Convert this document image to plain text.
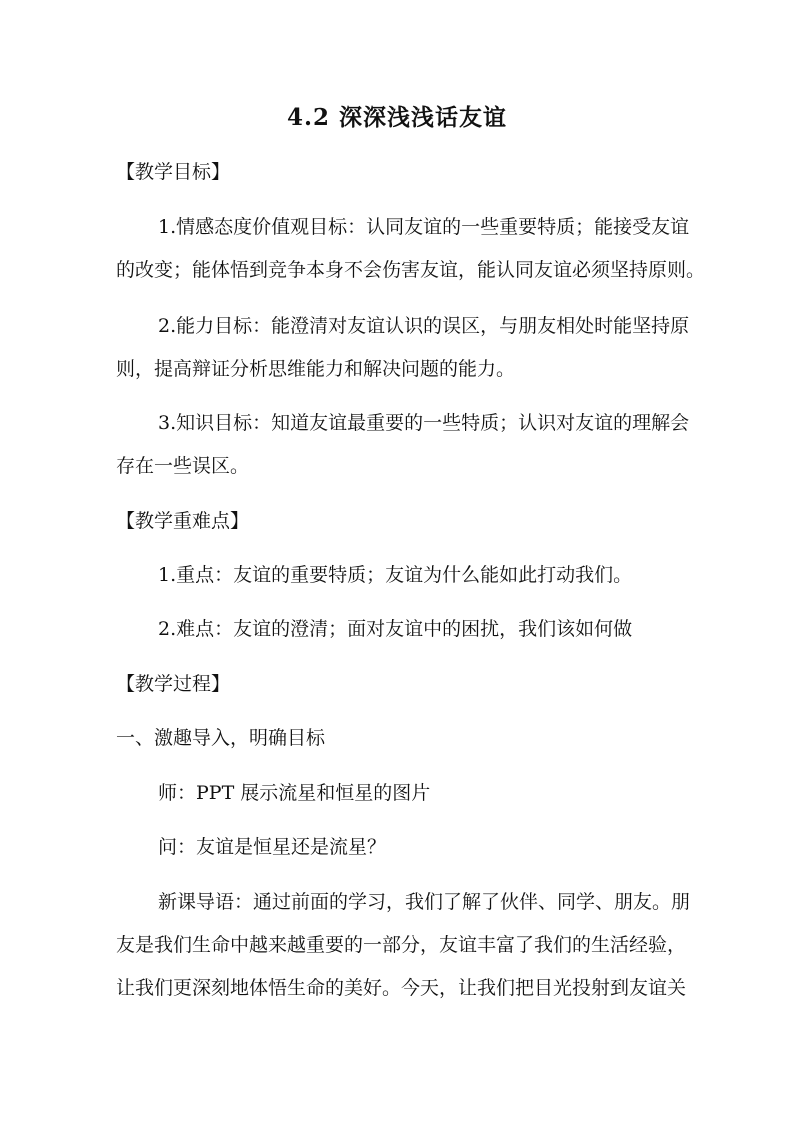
4.2 深深浅浅话友谊
【教学目标】
1.情感态度价值观目标：认同友谊的一些重要特质；能接受友谊
的改变；能体悟到竞争本身不会伤害友谊，能认同友谊必须坚持原则。
2.能力目标：能澄清对友谊认识的误区，与朋友相处时能坚持原
则，提高辩证分析思维能力和解决问题的能力。
3.知识目标：知道友谊最重要的一些特质；认识对友谊的理解会
存在一些误区。
【教学重难点】
1.重点：友谊的重要特质；友谊为什么能如此打动我们。
2.难点：友谊的澄清；面对友谊中的困扰，我们该如何做
【教学过程】
一、激趣导入，明确目标
师：PPT 展示流星和恒星的图片
问：友谊是恒星还是流星？
新课导语：通过前面的学习，我们了解了伙伴、同学、朋友。朋
友是我们生命中越来越重要的一部分，友谊丰富了我们的生活经验，
让我们更深刻地体悟生命的美好。今天，让我们把目光投射到友谊关
